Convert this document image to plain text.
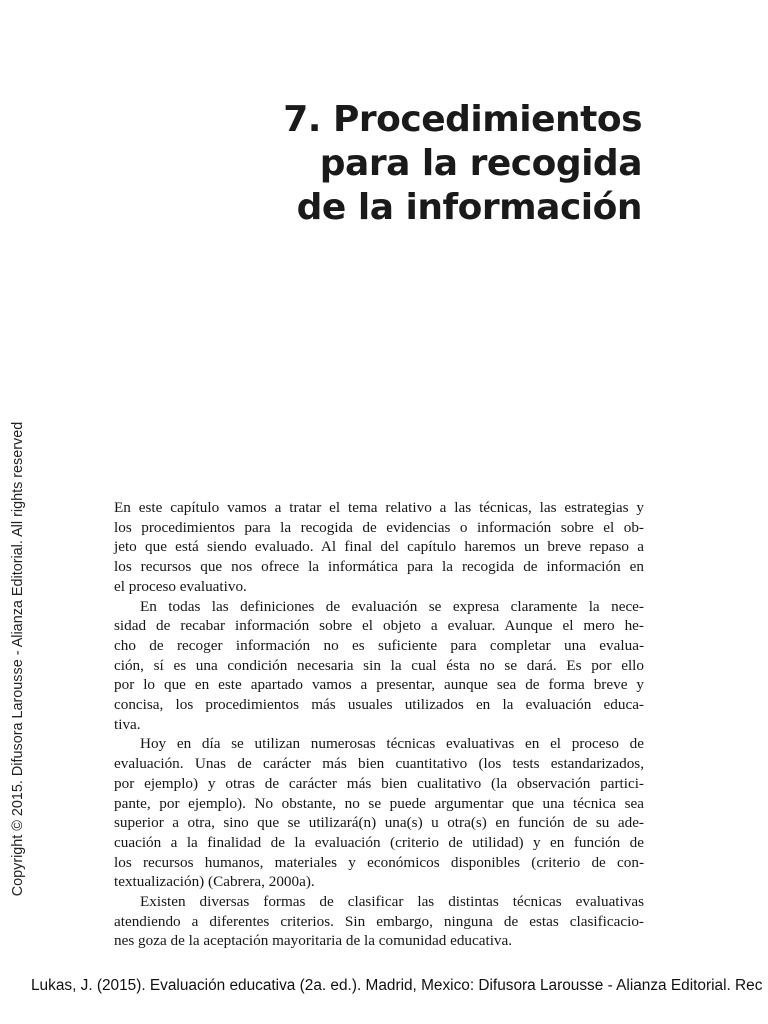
7. Procedimientos
para la recogida
de la información
Copyright © 2015. Difusora Larousse - Alianza Editorial. All rights reserved	En este capítulo vamos a tratar el tema relativo a las técnicas, las estrategias y
los procedimientos para la recogida de evidencias o información sobre el ob-
jeto que está siendo evaluado. Al final del capítulo haremos un breve repaso a
los recursos que nos ofrece la informática para la recogida de información en
el proceso evaluativo.
En todas las definiciones de evaluación se expresa claramente la nece-
sidad de recabar información sobre el objeto a evaluar. Aunque el mero he-
cho de recoger información no es suficiente para completar una evalua-
ción, sí es una condición necesaria sin la cual ésta no se dará. Es por ello
por lo que en este apartado vamos a presentar, aunque sea de forma breve y
concisa, los procedimientos más usuales utilizados en la evaluación educa-
tiva.
Hoy en día se utilizan numerosas técnicas evaluativas en el proceso de
evaluación. Unas de carácter más bien cuantitativo (los tests estandarizados,
por ejemplo) y otras de carácter más bien cualitativo (la observación partici-
pante, por ejemplo). No obstante, no se puede argumentar que una técnica sea
superior a otra, sino que se utilizará(n) una(s) u otra(s) en función de su ade-
cuación a la finalidad de la evaluación (criterio de utilidad) y en función de
los recursos humanos, materiales y económicos disponibles (criterio de con-
textualización) (Cabrera, 2000a).
Existen diversas formas de clasificar las distintas técnicas evaluativas
atendiendo a diferentes criterios. Sin embargo, ninguna de estas clasificacio-
nes goza de la aceptación mayoritaria de la comunidad educativa.
Lukas, J. (2015). Evaluación educativa (2a. ed.). Madrid, Mexico: Difusora Larousse - Alianza Editorial. Rec
